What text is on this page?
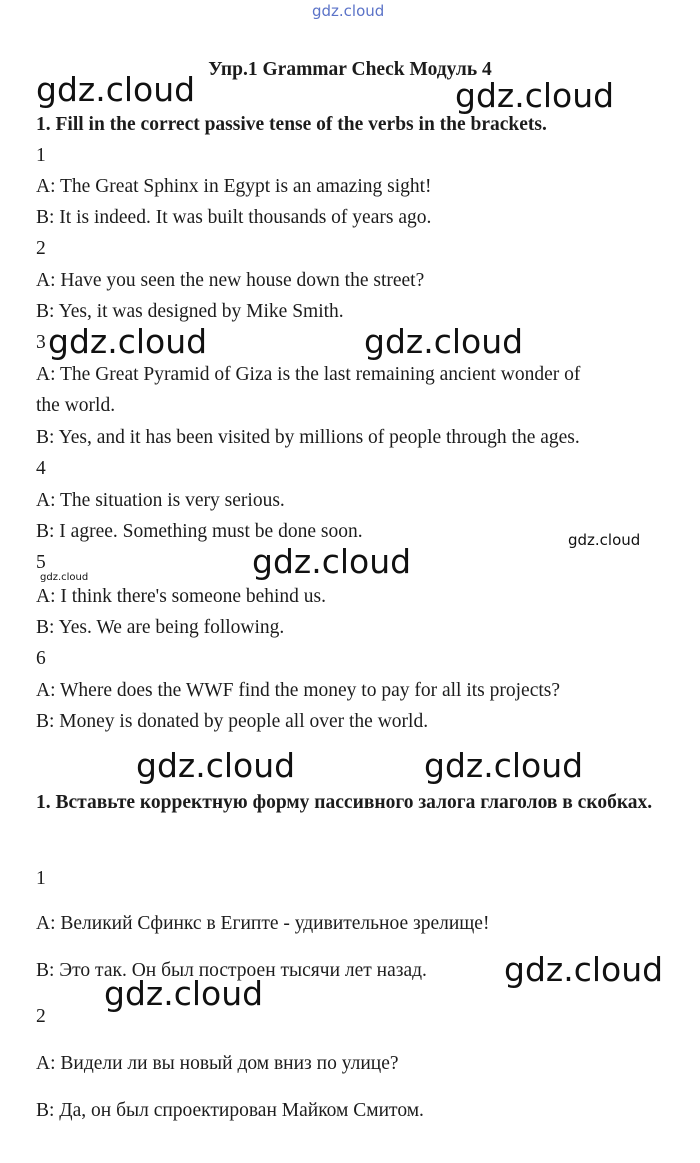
gdz.cloud
Упр.1 Grammar Check Модуль 4
1. Fill in the correct passive tense of the verbs in the brackets.
1
A: The Great Sphinx in Egypt is an amazing sight!
B: It is indeed. It was built thousands of years ago.
2
A: Have you seen the new house down the street?
B: Yes, it was designed by Mike Smith.
3
A: The Great Pyramid of Giza is the last remaining ancient wonder of
the world.
B: Yes, and it has been visited by millions of people through the ages.
4
A: The situation is very serious.
B: I agree. Something must be done soon.
5
A: I think there's someone behind us.
B: Yes. We are being following.
6
A: Where does the WWF find the money to pay for all its projects?
B: Money is donated by people all over the world.
1. Вставьте корректную форму пассивного залога глаголов в скобках.
1
А: Великий Сфинкс в Египте - удивительное зрелище!
В: Это так. Он был построен тысячи лет назад.
2
А: Видели ли вы новый дом вниз по улице?
В: Да, он был спроектирован Майком Смитом.
gdz.cloud	gdz.cloud
gdz.cloud	gdz.cloud
gdz.cloud
gdz.cloud
gdz.cloud
gdz.cloud	gdz.cloud
gdz.cloud
gdz.cloud
